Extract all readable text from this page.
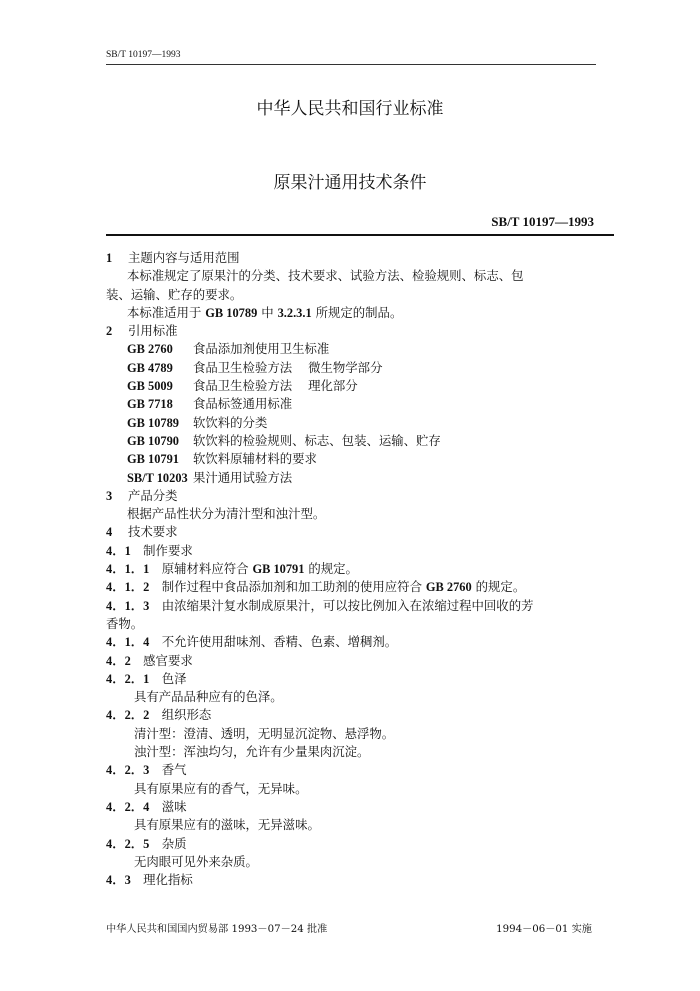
SB/T 10197—1993
中华人民共和国行业标准
原果汁通用技术条件
SB/T 10197—1993
1 主题内容与适用范围
本标准规定了原果汁的分类、技术要求、试验方法、检验规则、标志、包
装、运输、贮存的要求。
本标准适用于 GB 10789 中 3.2.3.1 所规定的制品。
2 引用标准
GB 2760 食品添加剂使用卫生标准
GB 4789 食品卫生检验方法 微生物学部分
GB 5009 食品卫生检验方法 理化部分
GB 7718 食品标签通用标准
GB 10789 软饮料的分类
GB 10790 软饮料的检验规则、标志、包装、运输、贮存
GB 10791 软饮料原辅材料的要求
SB/T 10203 果汁通用试验方法
3 产品分类
根据产品性状分为清汁型和浊汁型。
4 技术要求
4．1　 制作要求
4．1．1　 原辅材料应符合 GB 10791 的规定。
4．1．2　 制作过程中食品添加剂和加工助剂的使用应符合 GB 2760 的规定。
4．1．3　 由浓缩果汁复水制成原果汁，可以按比例加入在浓缩过程中回收的芳
香物。
4．1．4　 不允许使用甜味剂、香精、色素、增稠剂。
4．2　 感官要求
4．2．1　 色泽
具有产品品种应有的色泽。
4．2．2　 组织形态
清汁型：澄清、透明，无明显沉淀物、悬浮物。
浊汁型：浑浊均匀，允许有少量果肉沉淀。
4．2．3　 香气
具有原果应有的香气，无异味。
4．2．4　 滋味
具有原果应有的滋味，无异滋味。
4．2．5　 杂质
无肉眼可见外来杂质。
4．3　 理化指标
中华人民共和国国内贸易部 1993－07－24 批准	1994－06－01 实施
